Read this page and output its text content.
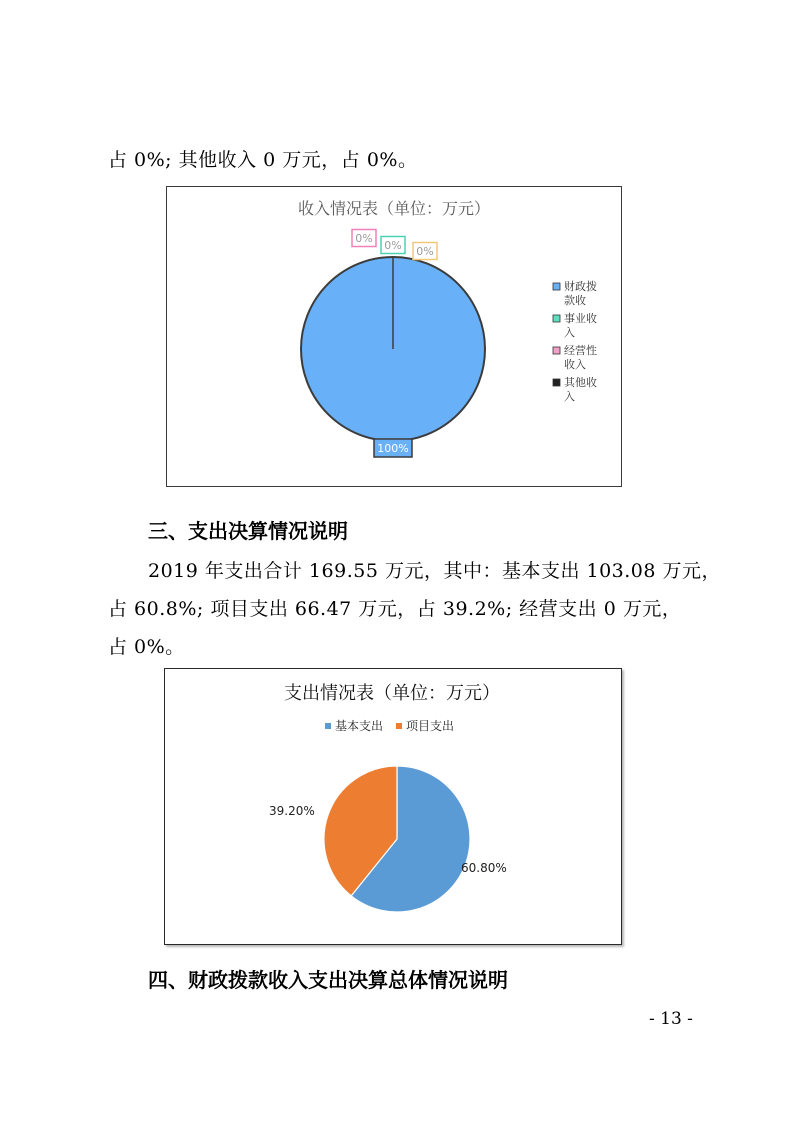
占 0%; 其他收入 0 万元，占 0%。
收入情况表（单位：万元）
100%
0%
0%
0%
财政拨
款收
事业收
入
经营性
收入
其他收
入
三、支出决算情况说明
2019 年支出合计 169.55 万元，其中：基本支出 103.08 万元，
占 60.8%; 项目支出 66.47 万元，占 39.2%; 经营支出 0 万元，
占 0%。
支出情况表（单位：万元）
60.80%
39.20%
基本支出 项目支出
四、财政拨款收入支出决算总体情况说明
- 13 -
